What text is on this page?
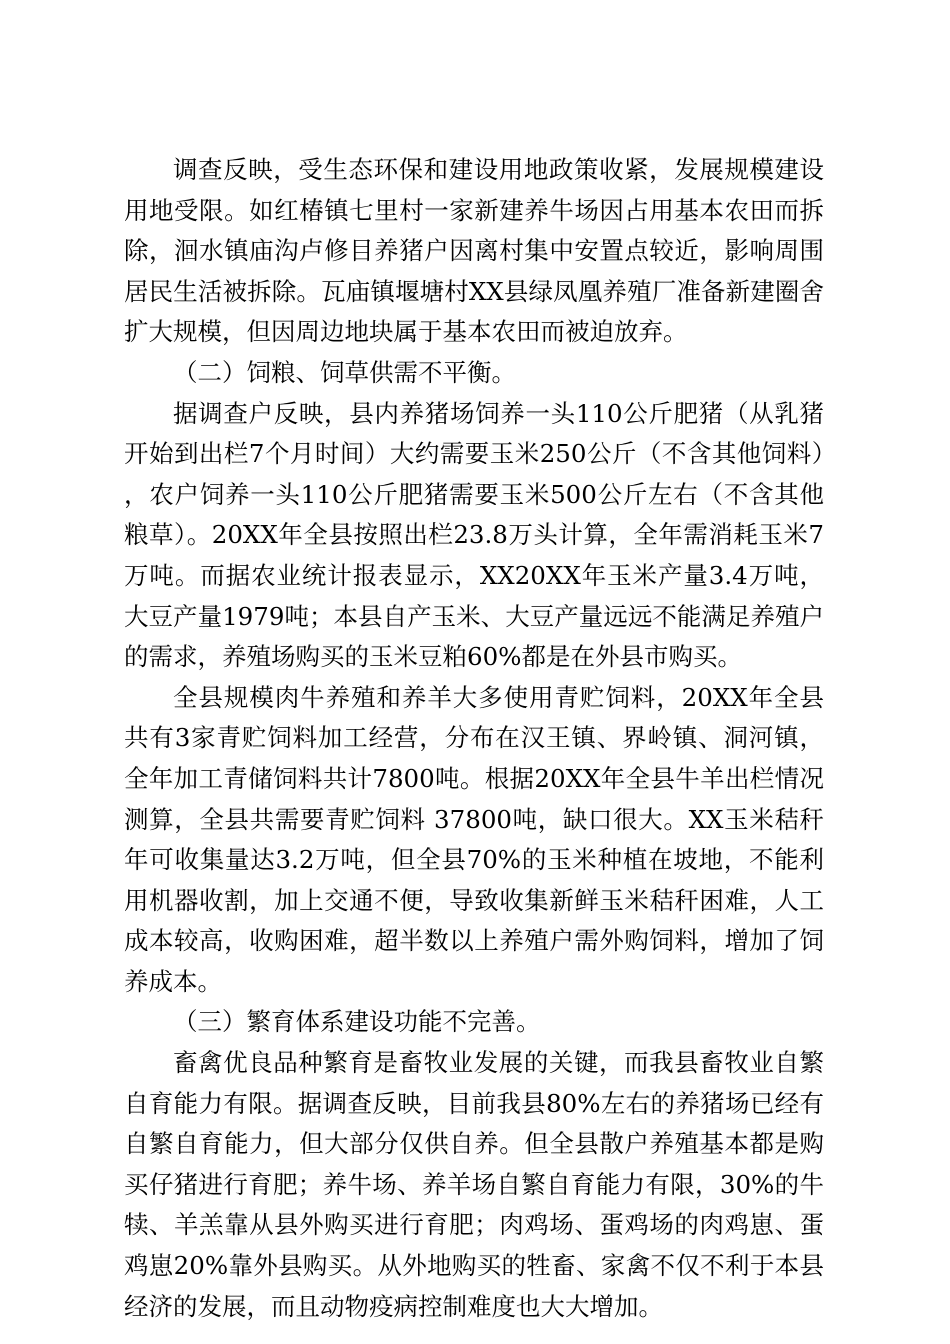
调查反映，受生态环保和建设用地政策收紧，发展规模建设用地受限。如红椿镇七里村一家新建养牛场因占用基本农田而拆除，洄水镇庙沟卢修目养猪户因离村集中安置点较近，影响周围居民生活被拆除。瓦庙镇堰塘村XX县绿凤凰养殖厂准备新建圈舍扩大规模，但因周边地块属于基本农田而被迫放弃。

（二）饲粮、饲草供需不平衡。

据调查户反映，县内养猪场饲养一头110公斤肥猪（从乳猪开始到出栏7个月时间）大约需要玉米250公斤（不含其他饲料），农户饲养一头110公斤肥猪需要玉米500公斤左右（不含其他粮草）。20XX年全县按照出栏23.8万头计算，全年需消耗玉米7万吨。而据农业统计报表显示，XX20XX年玉米产量3.4万吨，大豆产量1979吨；本县自产玉米、大豆产量远远不能满足养殖户的需求，养殖场购买的玉米豆粕60%都是在外县市购买。

全县规模肉牛养殖和养羊大多使用青贮饲料，20XX年全县共有3家青贮饲料加工经营，分布在汉王镇、界岭镇、洞河镇，全年加工青储饲料共计7800吨。根据20XX年全县牛羊出栏情况测算，全县共需要青贮饲料 37800吨，缺口很大。XX玉米秸秆年可收集量达3.2万吨，但全县70%的玉米种植在坡地，不能利用机器收割，加上交通不便，导致收集新鲜玉米秸秆困难，人工成本较高，收购困难，超半数以上养殖户需外购饲料，增加了饲养成本。

（三）繁育体系建设功能不完善。

畜禽优良品种繁育是畜牧业发展的关键，而我县畜牧业自繁自育能力有限。据调查反映，目前我县80%左右的养猪场已经有自繁自育能力，但大部分仅供自养。但全县散户养殖基本都是购买仔猪进行育肥；养牛场、养羊场自繁自育能力有限，30%的牛犊、羊羔靠从县外购买进行育肥；肉鸡场、蛋鸡场的肉鸡崽、蛋鸡崽20%靠外县购买。从外地购买的牲畜、家禽不仅不利于本县经济的发展，而且动物疫病控制难度也大大增加。
